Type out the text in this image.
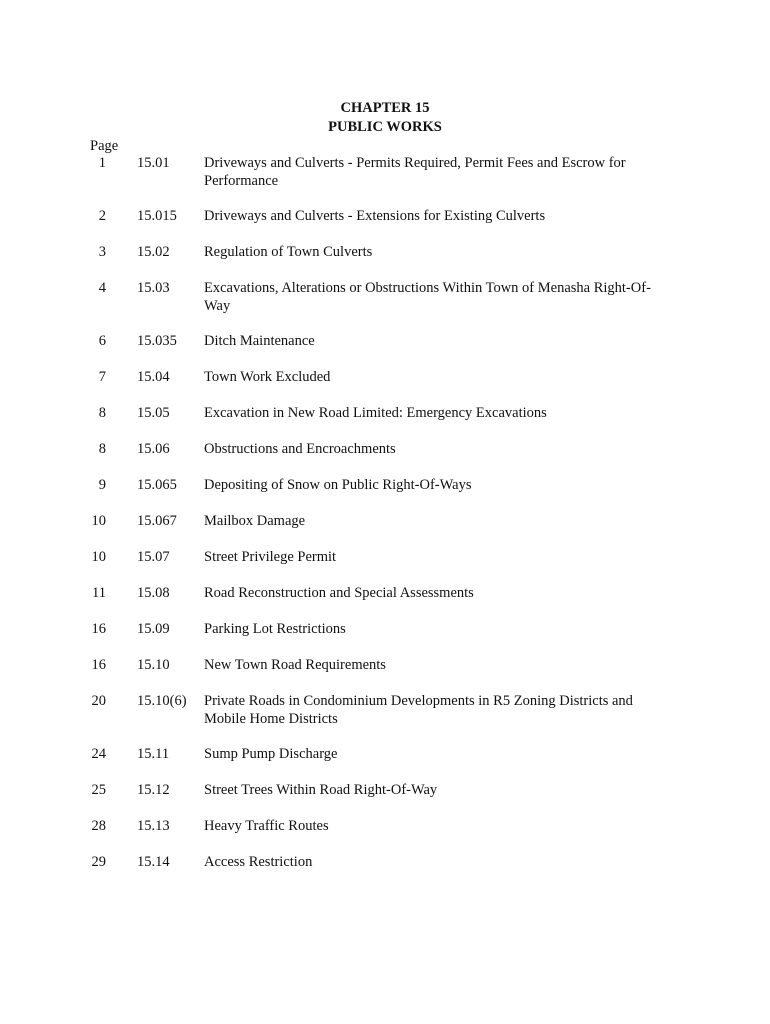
CHAPTER 15
PUBLIC WORKS
Page
1 15.01	Driveways and Culverts - Permits Required, Permit Fees and Escrow for Performance
2 15.015	Driveways and Culverts - Extensions for Existing Culverts
3 15.02	Regulation of Town Culverts
4 15.03	Excavations, Alterations or Obstructions Within Town of Menasha Right-Of-Way
6 15.035	Ditch Maintenance
7 15.04	Town Work Excluded
8 15.05	Excavation in New Road Limited: Emergency Excavations
8 15.06	Obstructions and Encroachments
9 15.065	Depositing of Snow on Public Right-Of-Ways
10 15.067	Mailbox Damage
10 15.07	Street Privilege Permit
11 15.08	Road Reconstruction and Special Assessments
16 15.09	Parking Lot Restrictions
16 15.10	New Town Road Requirements
20 15.10(6)	Private Roads in Condominium Developments in R5 Zoning Districts and Mobile Home Districts
24 15.11	Sump Pump Discharge
25 15.12	Street Trees Within Road Right-Of-Way
28 15.13	Heavy Traffic Routes
29 15.14	Access Restriction
